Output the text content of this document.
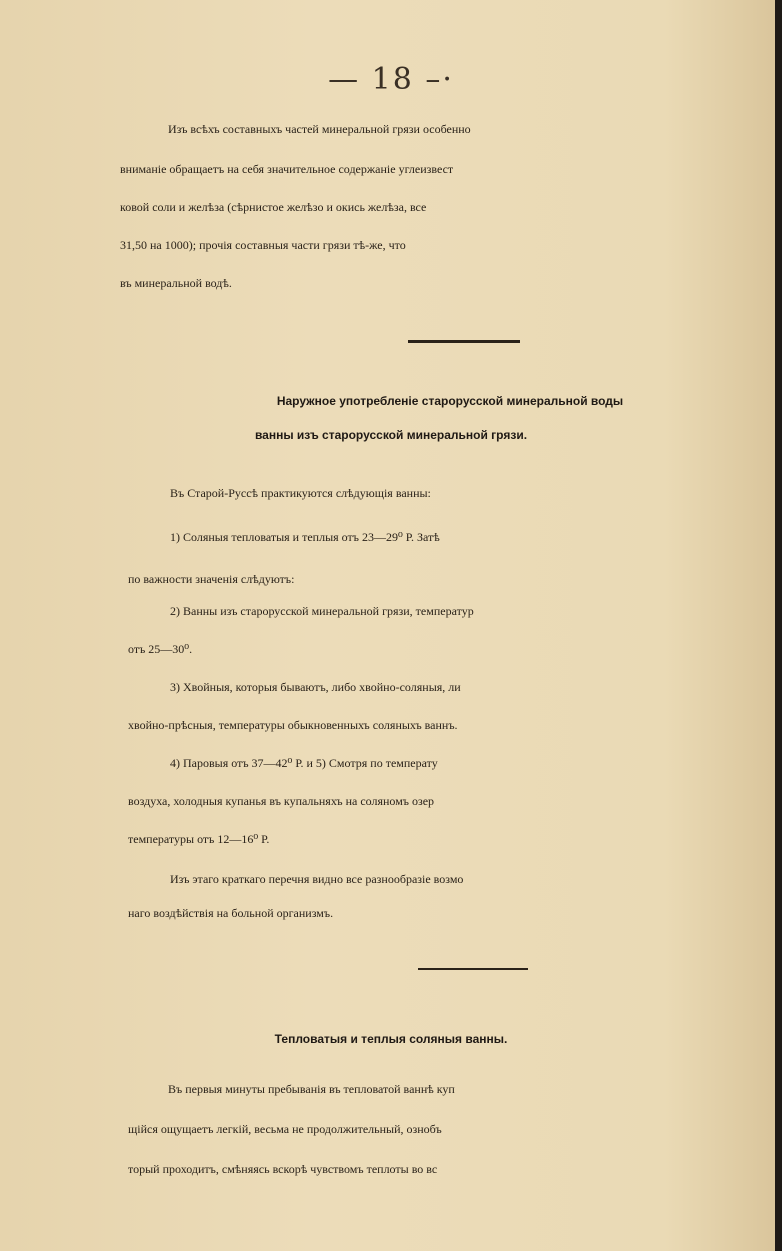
— 18 –·
Изъ всѣхъ составныхъ частей минеральной грязи особенно
вниманіе обращаетъ на себя значительное содержаніе углеизвест
ковой соли и желѣза (сѣрнистое желѣзо и окись желѣза, все
31,50 на 1000); прочія составныя части грязи тѣ-же, что
въ минеральной водѣ.
Наружное употребленіе старорусской минеральной воды
ванны изъ старорусской минеральной грязи.
Въ Старой-Руссѣ практикуются слѣдующія ванны:
1) Соляныя тепловатыя и теплыя отъ 23—29⁰ Р. Затѣ
по важности значенія слѣдуютъ:
2) Ванны изъ старорусской минеральной грязи, температур
отъ 25—30⁰.
3) Хвойныя, которыя бываютъ, либо хвойно-соляныя, ли
хвойно-прѣсныя, температуры обыкновенныхъ соляныхъ ваннъ.
4) Паровыя отъ 37—42⁰ Р. и 5) Смотря по температу
воздуха, холодныя купанья въ купальняхъ на соляномъ озер
температуры отъ 12—16⁰ Р.
Изъ этаго краткаго перечня видно все разнообразіе возмо
наго воздѣйствія на больной организмъ.
Тепловатыя и теплыя соляныя ванны.
Въ первыя минуты пребыванія въ тепловатой ваннѣ куп
щійся ощущаетъ легкій, весьма не продолжительный, ознобъ
торый проходитъ, смѣняясь вскорѣ чувствомъ теплоты во вс
